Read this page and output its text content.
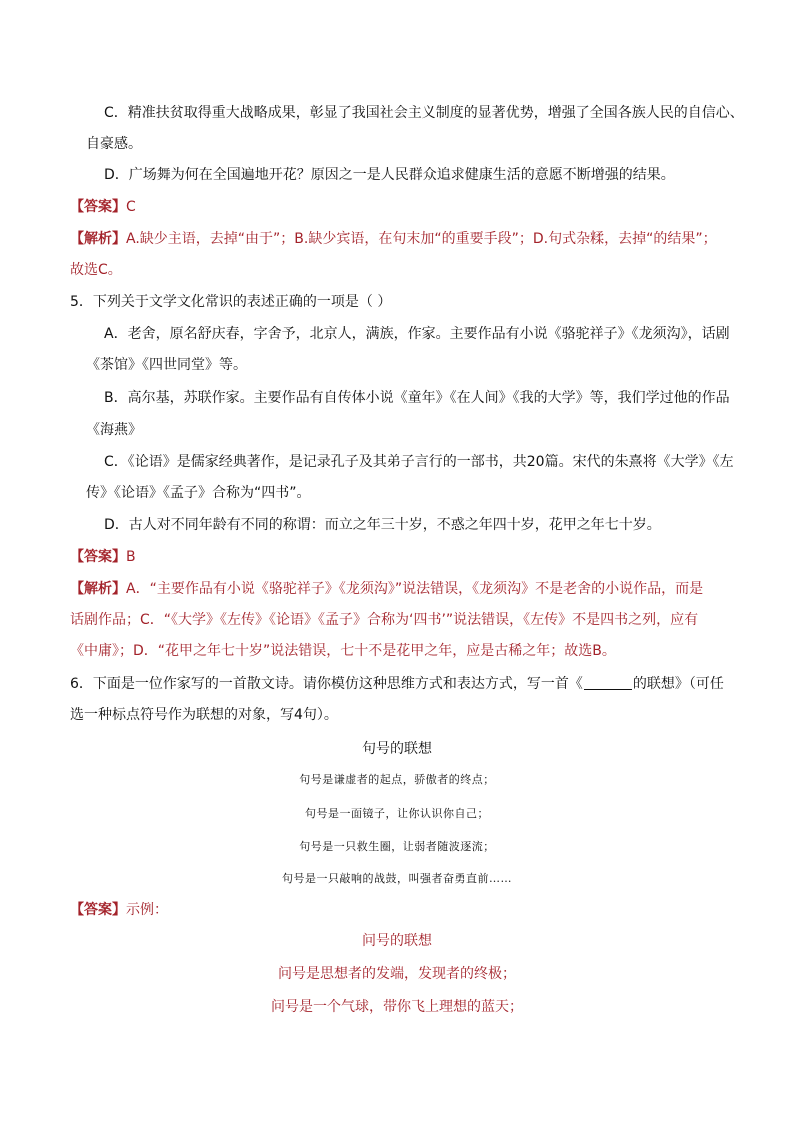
C．精准扶贫取得重大战略成果，彰显了我国社会主义制度的显著优势，增强了全国各族人民的自信心、
自豪感。
D．广场舞为何在全国遍地开花？原因之一是人民群众追求健康生活的意愿不断增强的结果。
【答案】C
【解析】A.缺少主语，去掉“由于”；B.缺少宾语，在句末加“的重要手段”；D.句式杂糅，去掉“的结果”；
故选C。
5．下列关于文学文化常识的表述正确的一项是（ ）
A．老舍，原名舒庆春，字舍予，北京人，满族，作家。主要作品有小说《骆驼祥子》《龙须沟》，话剧
《茶馆》《四世同堂》等。
B．高尔基，苏联作家。主要作品有自传体小说《童年》《在人间》《我的大学》等，我们学过他的作品
《海燕》
C．《论语》是儒家经典著作，是记录孔子及其弟子言行的一部书，共20篇。宋代的朱熹将《大学》《左
传》《论语》《孟子》合称为“四书”。
D．古人对不同年龄有不同的称谓：而立之年三十岁，不惑之年四十岁，花甲之年七十岁。
【答案】B
【解析】A．“主要作品有小说《骆驼祥子》《龙须沟》”说法错误，《龙须沟》不是老舍的小说作品，而是
话剧作品；C．“《大学》《左传》《论语》《孟子》合称为‘四书’”说法错误，《左传》不是四书之列，应有
《中庸》；D．“花甲之年七十岁”说法错误，七十不是花甲之年，应是古稀之年；故选B。
6．下面是一位作家写的一首散文诗。请你模仿这种思维方式和表达方式，写一首《	的联想》（可任
选一种标点符号作为联想的对象，写4句）。
句号的联想
句号是谦虚者的起点，骄傲者的终点；
句号是一面镜子，让你认识你自己；
句号是一只救生圈，让弱者随波逐流；
句号是一只敲响的战鼓，叫强者奋勇直前……
【答案】示例：
问号的联想
问号是思想者的发端，发现者的终极；
问号是一个气球，带你飞上理想的蓝天；
